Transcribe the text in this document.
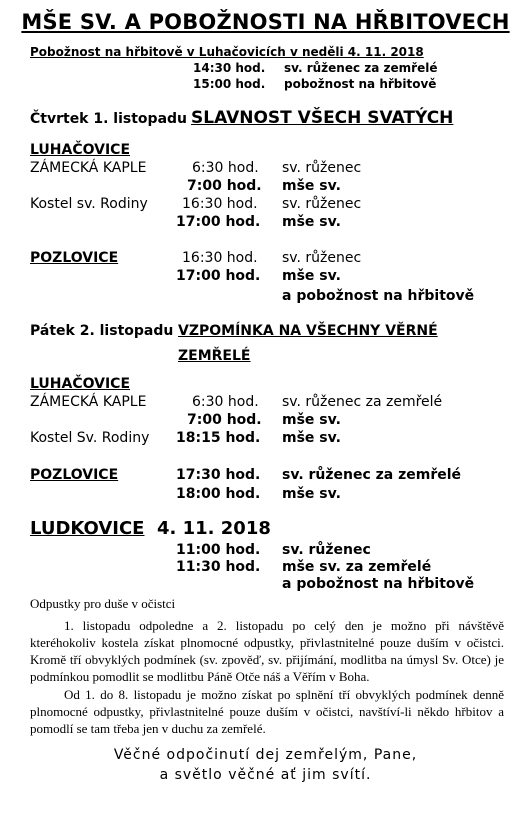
MŠE SV. A POBOŽNOSTI NA HŘBITOVECH
Pobožnost na hřbitově v Luhačovicích v neděli 4. 11. 2018
14:30 hod. sv. růženec za zemřelé
15:00 hod. pobožnost na hřbitově
Čtvrtek 1. listopadu SLAVNOST VŠECH SVATÝCH
LUHAČOVICE
ZÁMECKÁ KAPLE	6:30 hod. sv. růženec
7:00 hod. mše sv.
Kostel sv. Rodiny 16:30 hod. sv. růženec
17:00 hod. mše sv.
POZLOVICE	16:30 hod. sv. růženec
17:00 hod. mše sv.
a pobožnost na hřbitově
Pátek 2. listopadu VZPOMÍNKA NA VŠECHNY VĚRNÉ
ZEMŘELÉ
LUHAČOVICE
ZÁMECKÁ KAPLE	6:30 hod. sv. růženec za zemřelé
7:00 hod. mše sv.
Kostel Sv. Rodiny 18:15 hod. mše sv.
POZLOVICE	17:30 hod. sv. růženec za zemřelé
18:00 hod. mše sv.
LUDKOVICE 4. 11. 2018
11:00 hod. sv. růženec
11:30 hod. mše sv. za zemřelé
a pobožnost na hřbitově
Odpustky pro duše v očistci
1. listopadu odpoledne a 2. listopadu po celý den je možno při návštěvě kteréhokoliv kostela získat plnomocné odpustky, přivlastnitelné pouze duším v očistci. Kromě tří obvyklých podmínek (sv. zpověď, sv. přijímání, modlitba na úmysl Sv. Otce) je podmínkou pomodlit se modlitbu Páně Otče náš a Věřím v Boha.
Od 1. do 8. listopadu je možno získat po splnění tří obvyklých podmínek denně plnomocné odpustky, přivlastnitelné pouze duším v očistci, navštíví-li někdo hřbitov a pomodlí se tam třeba jen v duchu za zemřelé.
Věčné odpočinutí dej zemřelým, Pane,
a světlo věčné ať jim svítí.
